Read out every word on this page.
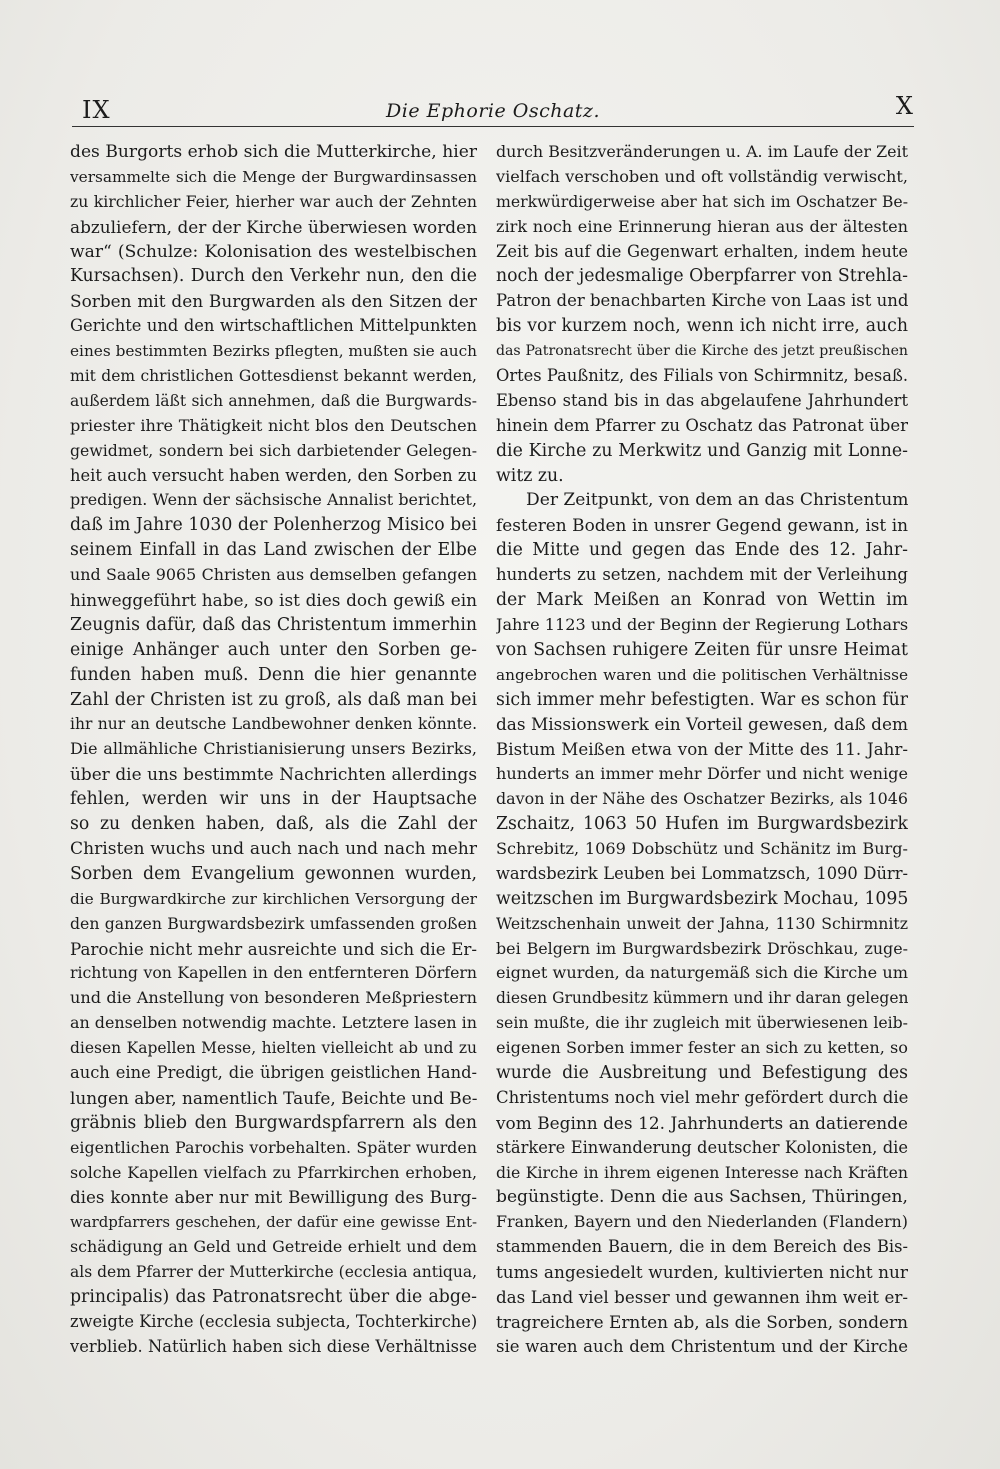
IX	Die Ephorie Oschatz.	X
des Burgorts erhob sich die Mutterkirche, hier
versammelte sich die Menge der Burgwardinsassen
zu kirchlicher Feier, hierher war auch der Zehnten
abzuliefern, der der Kirche überwiesen worden
war“ (Schulze: Kolonisation des westelbischen
Kursachsen). Durch den Verkehr nun, den die
Sorben mit den Burgwarden als den Sitzen der
Gerichte und den wirtschaftlichen Mittelpunkten
eines bestimmten Bezirks pflegten, mußten sie auch
mit dem christlichen Gottesdienst bekannt werden,
außerdem läßt sich annehmen, daß die Burgwards-
priester ihre Thätigkeit nicht blos den Deutschen
gewidmet, sondern bei sich darbietender Gelegen-
heit auch versucht haben werden, den Sorben zu
predigen. Wenn der sächsische Annalist berichtet,
daß im Jahre 1030 der Polenherzog Misico bei
seinem Einfall in das Land zwischen der Elbe
und Saale 9065 Christen aus demselben gefangen
hinweggeführt habe, so ist dies doch gewiß ein
Zeugnis dafür, daß das Christentum immerhin
einige Anhänger auch unter den Sorben ge-
funden haben muß. Denn die hier genannte
Zahl der Christen ist zu groß, als daß man bei
ihr nur an deutsche Landbewohner denken könnte.
Die allmähliche Christianisierung unsers Bezirks,
über die uns bestimmte Nachrichten allerdings
fehlen, werden wir uns in der Hauptsache
so zu denken haben, daß, als die Zahl der
Christen wuchs und auch nach und nach mehr
Sorben dem Evangelium gewonnen wurden,
die Burgwardkirche zur kirchlichen Versorgung der
den ganzen Burgwardsbezirk umfassenden großen
Parochie nicht mehr ausreichte und sich die Er-
richtung von Kapellen in den entfernteren Dörfern
und die Anstellung von besonderen Meßpriestern
an denselben notwendig machte. Letztere lasen in
diesen Kapellen Messe, hielten vielleicht ab und zu
auch eine Predigt, die übrigen geistlichen Hand-
lungen aber, namentlich Taufe, Beichte und Be-
gräbnis blieb den Burgwardspfarrern als den
eigentlichen Parochis vorbehalten. Später wurden
solche Kapellen vielfach zu Pfarrkirchen erhoben,
dies konnte aber nur mit Bewilligung des Burg-
wardpfarrers geschehen, der dafür eine gewisse Ent-
schädigung an Geld und Getreide erhielt und dem
als dem Pfarrer der Mutterkirche (ecclesia antiqua,
principalis) das Patronatsrecht über die abge-
zweigte Kirche (ecclesia subjecta, Tochterkirche)
verblieb. Natürlich haben sich diese Verhältnisse
durch Besitzveränderungen u. A. im Laufe der Zeit
vielfach verschoben und oft vollständig verwischt,
merkwürdigerweise aber hat sich im Oschatzer Be-
zirk noch eine Erinnerung hieran aus der ältesten
Zeit bis auf die Gegenwart erhalten, indem heute
noch der jedesmalige Oberpfarrer von Strehla-
Patron der benachbarten Kirche von Laas ist und
bis vor kurzem noch, wenn ich nicht irre, auch
das Patronatsrecht über die Kirche des jetzt preußischen
Ortes Paußnitz, des Filials von Schirmnitz, besaß.
Ebenso stand bis in das abgelaufene Jahrhundert
hinein dem Pfarrer zu Oschatz das Patronat über
die Kirche zu Merkwitz und Ganzig mit Lonne-
witz zu.
Der Zeitpunkt, von dem an das Christentum
festeren Boden in unsrer Gegend gewann, ist in
die Mitte und gegen das Ende des 12. Jahr-
hunderts zu setzen, nachdem mit der Verleihung
der Mark Meißen an Konrad von Wettin im
Jahre 1123 und der Beginn der Regierung Lothars
von Sachsen ruhigere Zeiten für unsre Heimat
angebrochen waren und die politischen Verhältnisse
sich immer mehr befestigten. War es schon für
das Missionswerk ein Vorteil gewesen, daß dem
Bistum Meißen etwa von der Mitte des 11. Jahr-
hunderts an immer mehr Dörfer und nicht wenige
davon in der Nähe des Oschatzer Bezirks, als 1046
Zschaitz, 1063 50 Hufen im Burgwardsbezirk
Schrebitz, 1069 Dobschütz und Schänitz im Burg-
wardsbezirk Leuben bei Lommatzsch, 1090 Dürr-
weitzschen im Burgwardsbezirk Mochau, 1095
Weitzschenhain unweit der Jahna, 1130 Schirmnitz
bei Belgern im Burgwardsbezirk Dröschkau, zuge-
eignet wurden, da naturgemäß sich die Kirche um
diesen Grundbesitz kümmern und ihr daran gelegen
sein mußte, die ihr zugleich mit überwiesenen leib-
eigenen Sorben immer fester an sich zu ketten, so
wurde die Ausbreitung und Befestigung des
Christentums noch viel mehr gefördert durch die
vom Beginn des 12. Jahrhunderts an datierende
stärkere Einwanderung deutscher Kolonisten, die
die Kirche in ihrem eigenen Interesse nach Kräften
begünstigte. Denn die aus Sachsen, Thüringen,
Franken, Bayern und den Niederlanden (Flandern)
stammenden Bauern, die in dem Bereich des Bis-
tums angesiedelt wurden, kultivierten nicht nur
das Land viel besser und gewannen ihm weit er-
tragreichere Ernten ab, als die Sorben, sondern
sie waren auch dem Christentum und der Kirche
